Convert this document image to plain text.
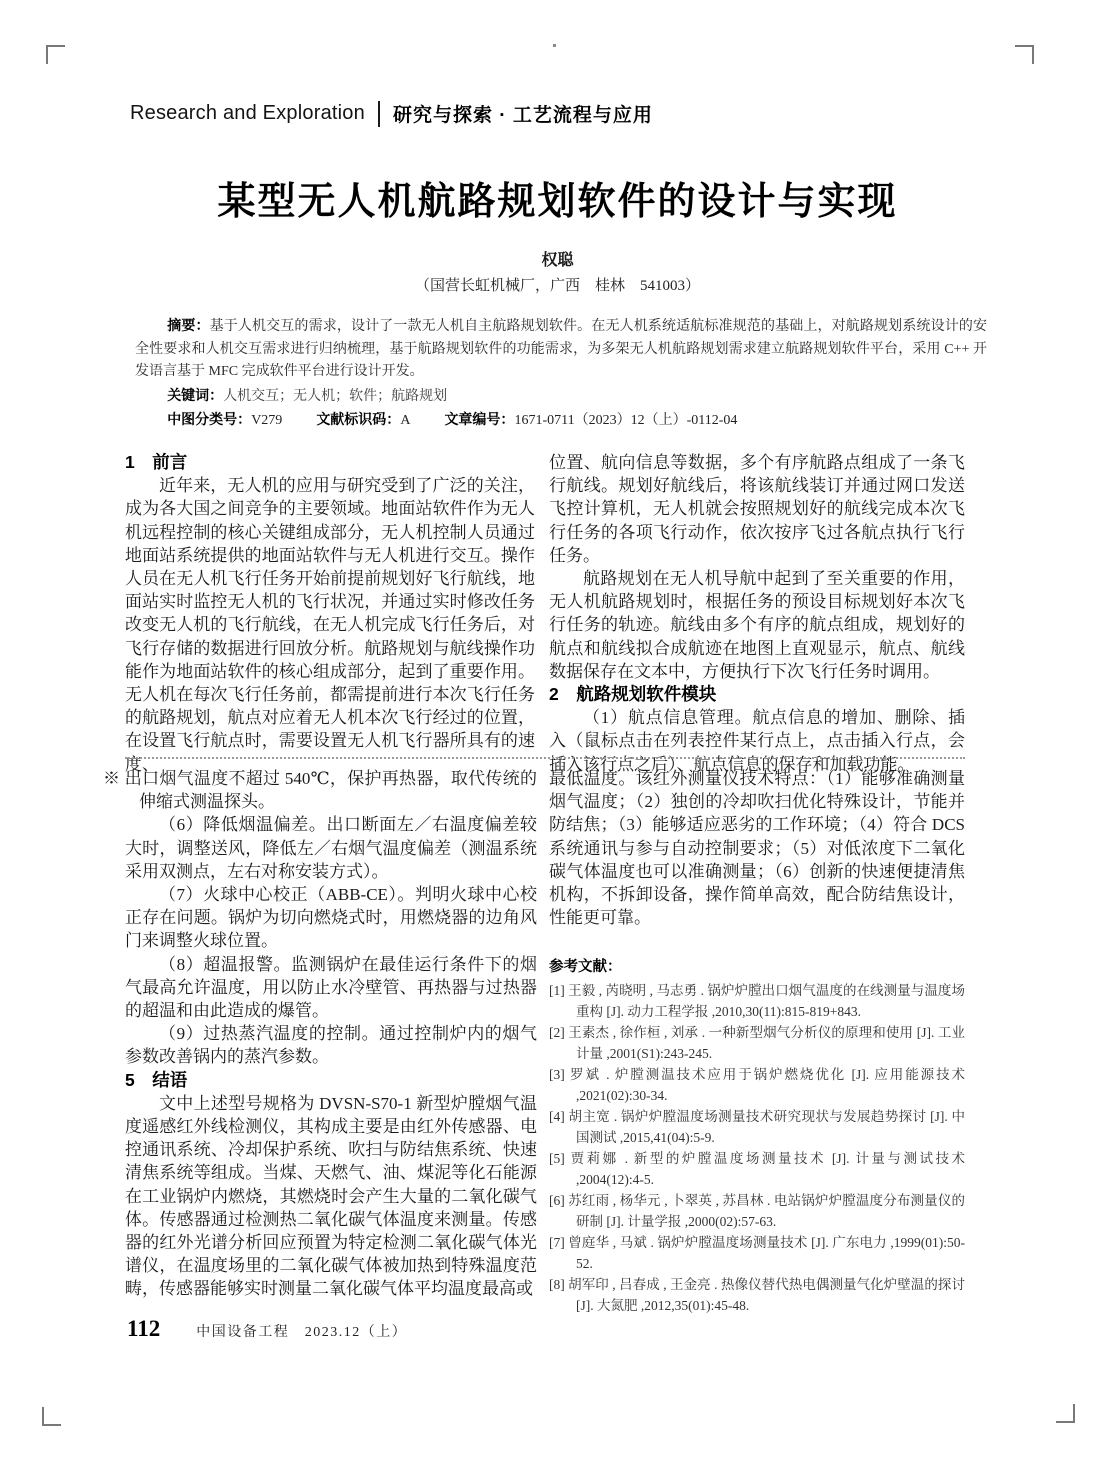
Research and Exploration 研究与探索 · 工艺流程与应用
某型无人机航路规划软件的设计与实现
权聪
（国营长虹机械厂，广西　桂林　541003）

摘要：基于人机交互的需求，设计了一款无人机自主航路规划软件。在无人机系统适航标准规范的基础上，对航路规划系统设计的安全性要求和人机交互需求进行归纳梳理，基于航路规划软件的功能需求，为多架无人机航路规划需求建立航路规划软件平台，采用 C++ 开发语言基于 MFC 完成软件平台进行设计开发。

关键词：人机交互；无人机；软件；航路规划

中图分类号：V279 文献标识码：A 文章编号：1671-0711（2023）12（上）-0112-04

1　前言

近年来，无人机的应用与研究受到了广泛的关注，成为各大国之间竞争的主要领域。地面站软件作为无人机远程控制的核心关键组成部分，无人机控制人员通过地面站系统提供的地面站软件与无人机进行交互。操作人员在无人机飞行任务开始前提前规划好飞行航线，地面站实时监控无人机的飞行状况，并通过实时修改任务改变无人机的飞行航线，在无人机完成飞行任务后，对飞行存储的数据进行回放分析。航路规划与航线操作功能作为地面站软件的核心组成部分，起到了重要作用。无人机在每次飞行任务前，都需提前进行本次飞行任务的航路规划，航点对应着无人机本次飞行经过的位置，在设置飞行航点时，需要设置无人机飞行器所具有的速度、

位置、航向信息等数据，多个有序航路点组成了一条飞行航线。规划好航线后，将该航线装订并通过网口发送飞控计算机，无人机就会按照规划好的航线完成本次飞行任务的各项飞行动作，依次按序飞过各航点执行飞行任务。

航路规划在无人机导航中起到了至关重要的作用，无人机航路规划时，根据任务的预设目标规划好本次飞行任务的轨迹。航线由多个有序的航点组成，规划好的航点和航线拟合成航迹在地图上直观显示，航点、航线数据保存在文本中，方便执行下次飞行任务时调用。

2　航路规划软件模块

（1）航点信息管理。航点信息的增加、删除、插入（鼠标点击在列表控件某行点上，点击插入行点，会插入该行点之后）、航点信息的保存和加载功能。

※ 出口烟气温度不超过 540℃，保护再热器，取代传统的伸缩式测温探头。

（6）降低烟温偏差。出口断面左／右温度偏差较大时，调整送风，降低左／右烟气温度偏差（测温系统采用双测点，左右对称安装方式）。

（7）火球中心校正（ABB-CE）。判明火球中心校正存在问题。锅炉为切向燃烧式时，用燃烧器的边角风门来调整火球位置。

（8）超温报警。监测锅炉在最佳运行条件下的烟气最高允许温度，用以防止水冷壁管、再热器与过热器的超温和由此造成的爆管。

（9）过热蒸汽温度的控制。通过控制炉内的烟气参数改善锅内的蒸汽参数。

5　结语

文中上述型号规格为 DVSN-S70-1 新型炉膛烟气温度遥感红外线检测仪，其构成主要是由红外传感器、电控通讯系统、冷却保护系统、吹扫与防结焦系统、快速清焦系统等组成。当煤、天燃气、油、煤泥等化石能源在工业锅炉内燃烧，其燃烧时会产生大量的二氧化碳气体。传感器通过检测热二氧化碳气体温度来测量。传感器的红外光谱分析回应预置为特定检测二氧化碳气体光谱仪，在温度场里的二氧化碳气体被加热到特殊温度范畴，传感器能够实时测量二氧化碳气体平均温度最高或

最低温度。该红外测量仪技术特点：（1）能够准确测量烟气温度；（2）独创的冷却吹扫优化特殊设计，节能并防结焦；（3）能够适应恶劣的工作环境；（4）符合 DCS 系统通讯与参与自动控制要求；（5）对低浓度下二氧化碳气体温度也可以准确测量；（6）创新的快速便捷清焦机构，不拆卸设备，操作简单高效，配合防结焦设计，性能更可靠。

参考文献：

[1] 王毅 , 芮晓明 , 马志勇 . 锅炉炉膛出口烟气温度的在线测量与温度场重构 [J]. 动力工程学报 ,2010,30(11):815-819+843.

[2] 王素杰 , 徐作桓 , 刘承 . 一种新型烟气分析仪的原理和使用 [J]. 工业计量 ,2001(S1):243-245.

[3] 罗斌 . 炉膛测温技术应用于锅炉燃烧优化 [J]. 应用能源技术 ,2021(02):30-34.

[4] 胡主宽 . 锅炉炉膛温度场测量技术研究现状与发展趋势探讨 [J]. 中国测试 ,2015,41(04):5-9.

[5] 贾莉娜 . 新型的炉膛温度场测量技术 [J]. 计量与测试技术 ,2004(12):4-5.

[6] 苏红雨 , 杨华元 , 卜翠英 , 苏昌林 . 电站锅炉炉膛温度分布测量仪的研制 [J]. 计量学报 ,2000(02):57-63.

[7] 曾庭华 , 马斌 . 锅炉炉膛温度场测量技术 [J]. 广东电力 ,1999(01):50-52.

[8] 胡军印 , 吕春成 , 王金亮 . 热像仪替代热电偶测量气化炉壁温的探讨 [J]. 大氮肥 ,2012,35(01):45-48.

112	中国设备工程　2023.12（上）
